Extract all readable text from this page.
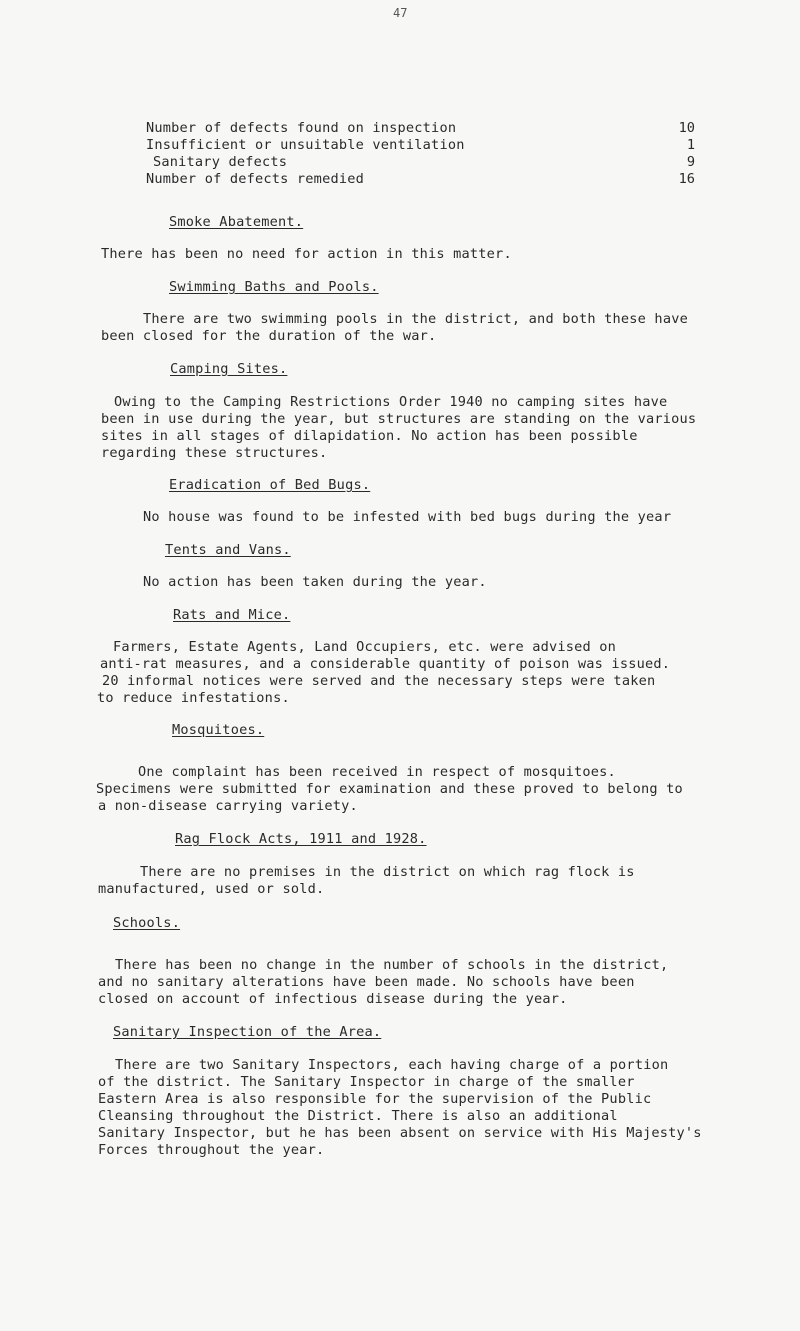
47
Number of defects found on inspection	10
Insufficient or unsuitable ventilation	1
Sanitary defects	9
Number of defects remedied	16
Smoke Abatement.
There has been no need for action in this matter.
Swimming Baths and Pools.
There are two swimming pools in the district, and both these have
been closed for the duration of the war.
Camping Sites.
Owing to the Camping Restrictions Order 1940 no camping sites have
been in use during the year, but structures are standing on the various
sites in all stages of dilapidation. No action has been possible
regarding these structures.
Eradication of Bed Bugs.
No house was found to be infested with bed bugs during the year
Tents and Vans.
No action has been taken during the year.
Rats and Mice.
Farmers, Estate Agents, Land Occupiers, etc. were advised on
anti-rat measures, and a considerable quantity of poison was issued.
20 informal notices were served and the necessary steps were taken
to reduce infestations.
Mosquitoes.
One complaint has been received in respect of mosquitoes.
Specimens were submitted for examination and these proved to belong to
a non-disease carrying variety.
Rag Flock Acts, 1911 and 1928.
There are no premises in the district on which rag flock is
manufactured, used or sold.
Schools.
There has been no change in the number of schools in the district,
and no sanitary alterations have been made. No schools have been
closed on account of infectious disease during the year.
Sanitary Inspection of the Area.
There are two Sanitary Inspectors, each having charge of a portion
of the district. The Sanitary Inspector in charge of the smaller
Eastern Area is also responsible for the supervision of the Public
Cleansing throughout the District. There is also an additional
Sanitary Inspector, but he has been absent on service with His Majesty's
Forces throughout the year.
